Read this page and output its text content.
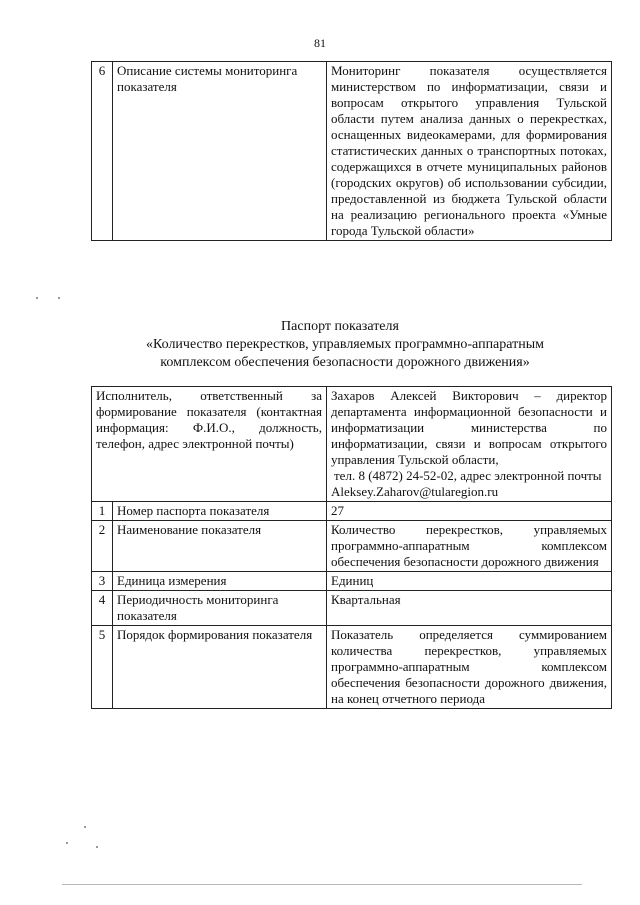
81
6	Описание системы мониторинга показателя	Мониторинг показателя осуществляется министерством по информатизации, связи и вопросам открытого управления Тульской области путем анализа данных о перекрестках, оснащенных видеокамерами, для формирования статистических данных о транспортных потоках, содержащихся в отчете муниципальных районов (городских округов) об использовании субсидии, предоставленной из бюджета Тульской области на реализацию регионального проекта «Умные города Тульской области»
Паспорт показателя
«Количество перекрестков, управляемых программно-аппаратным
комплексом обеспечения безопасности дорожного движения»
Исполнитель, ответственный за формирование показателя (контактная информация: Ф.И.О., должность, телефон, адрес электронной почты)		Захаров Алексей Викторович – директор департамента информационной безопасности и информатизации министерства по информатизации, связи и вопросам открытого управления Тульской области,
тел. 8 (4872) 24-52-02, адрес электронной почты
Aleksey.Zaharov@tularegion.ru

1	Номер паспорта показателя	27
2	Наименование показателя	Количество перекрестков, управляемых программно-аппаратным комплексом обеспечения безопасности дорожного движения
3	Единица измерения	Единиц
4	Периодичность мониторинга показателя	Квартальная
5	Порядок формирования показателя	Показатель определяется суммированием количества перекрестков, управляемых программно-аппаратным комплексом обеспечения безопасности дорожного движения, на конец отчетного периода
